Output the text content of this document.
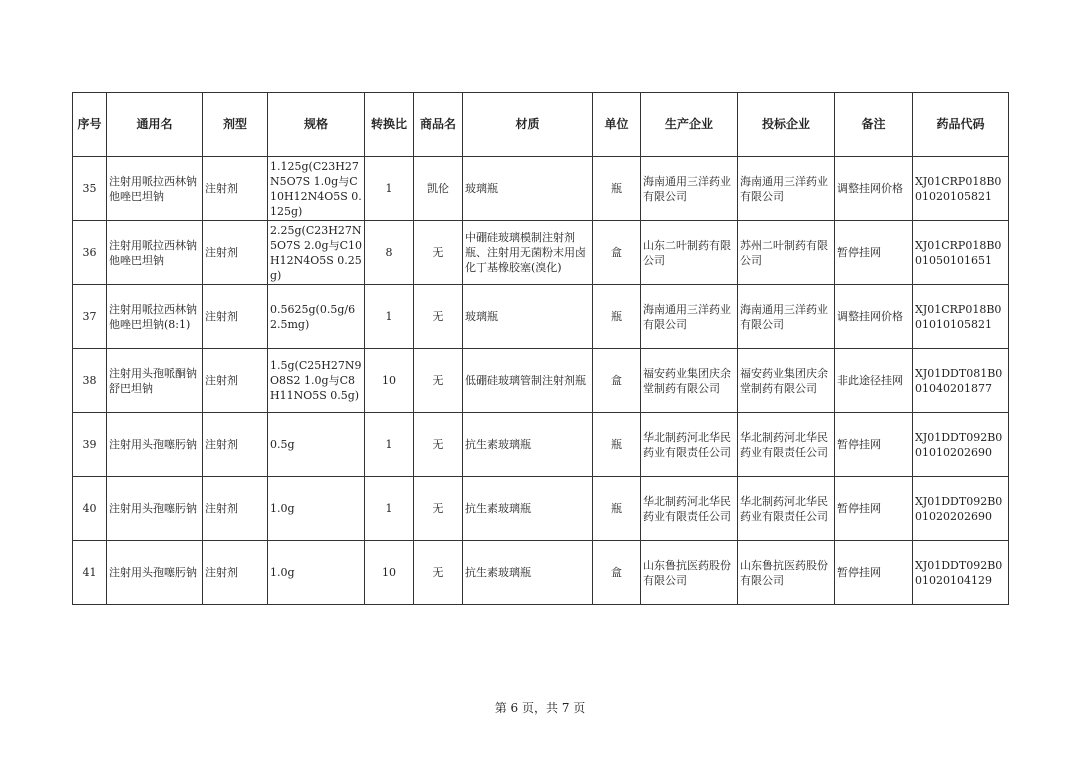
序号	通用名	剂型	规格	转换比	商品名	材质	单位	生产企业	投标企业	备注	药品代码
35	注射用哌拉西林钠他唑巴坦钠	注射剂	1.125g(C23H27N5O7S 1.0g与C10H12N4O5S 0.125g)	1	凯伦	玻璃瓶	瓶	海南通用三洋药业有限公司	海南通用三洋药业有限公司	调整挂网价格	XJ01CRP018B001020105821
36	注射用哌拉西林钠他唑巴坦钠	注射剂	2.25g(C23H27N5O7S 2.0g与C10H12N4O5S 0.25g)	8	无	中硼硅玻璃模制注射剂瓶、注射用无菌粉末用卤化丁基橡胶塞(溴化)	盒	山东二叶制药有限公司	苏州二叶制药有限公司	暂停挂网	XJ01CRP018B001050101651
37	注射用哌拉西林钠他唑巴坦钠(8:1)	注射剂	0.5625g(0.5g/62.5mg)	1	无	玻璃瓶	瓶	海南通用三洋药业有限公司	海南通用三洋药业有限公司	调整挂网价格	XJ01CRP018B001010105821
38	注射用头孢哌酮钠舒巴坦钠	注射剂	1.5g(C25H27N9O8S2 1.0g与C8H11NO5S 0.5g)	10	无	低硼硅玻璃管制注射剂瓶	盒	福安药业集团庆余堂制药有限公司	福安药业集团庆余堂制药有限公司	非此途径挂网	XJ01DDT081B001040201877
39	注射用头孢噻肟钠	注射剂	0.5g	1	无	抗生素玻璃瓶	瓶	华北制药河北华民药业有限责任公司	华北制药河北华民药业有限责任公司	暂停挂网	XJ01DDT092B001010202690
40	注射用头孢噻肟钠	注射剂	1.0g	1	无	抗生素玻璃瓶	瓶	华北制药河北华民药业有限责任公司	华北制药河北华民药业有限责任公司	暂停挂网	XJ01DDT092B001020202690
41	注射用头孢噻肟钠	注射剂	1.0g	10	无	抗生素玻璃瓶	盒	山东鲁抗医药股份有限公司	山东鲁抗医药股份有限公司	暂停挂网	XJ01DDT092B001020104129
第 6 页，共 7 页
